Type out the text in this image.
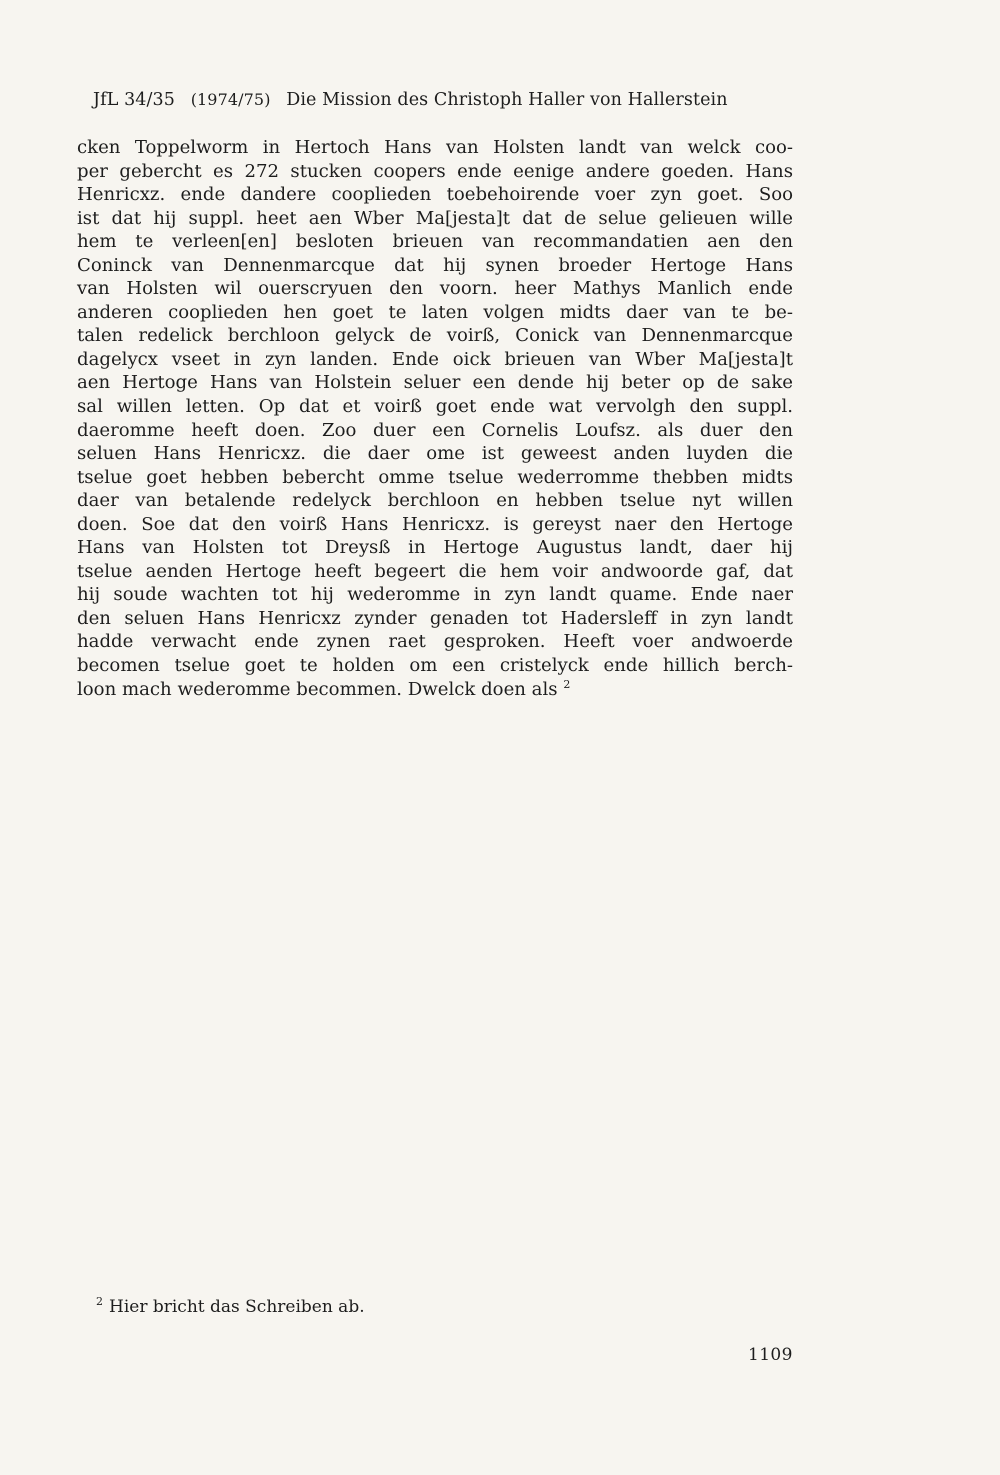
JfL 34/35 (1974/75) Die Mission des Christoph Haller von Hallerstein
cken Toppelworm in Hertoch Hans van Holsten landt van welck coo-
per gebercht es 272 stucken coopers ende eenige andere goeden. Hans
Henricxz. ende dandere cooplieden toebehoirende voer zyn goet. Soo
ist dat hij suppl. heet aen Wber Ma[jesta]t dat de selue gelieuen wille
hem te verleen[en] besloten brieuen van recommandatien aen den
Coninck van Dennenmarcque dat hij synen broeder Hertoge Hans
van Holsten wil ouerscryuen den voorn. heer Mathys Manlich ende
anderen cooplieden hen goet te laten volgen midts daer van te be-
talen redelick berchloon gelyck de voirß, Conick van Dennenmarcque
dagelycx vseet in zyn landen. Ende oick brieuen van Wber Ma[jesta]t
aen Hertoge Hans van Holstein seluer een dende hij beter op de sake
sal willen letten. Op dat et voirß goet ende wat vervolgh den suppl.
daeromme heeft doen. Zoo duer een Cornelis Loufsz. als duer den
seluen Hans Henricxz. die daer ome ist geweest anden luyden die
tselue goet hebben bebercht omme tselue wederromme thebben midts
daer van betalende redelyck berchloon en hebben tselue nyt willen
doen. Soe dat den voirß Hans Henricxz. is gereyst naer den Hertoge
Hans van Holsten tot Dreysß in Hertoge Augustus landt, daer hij
tselue aenden Hertoge heeft begeert die hem voir andwoorde gaf, dat
hij soude wachten tot hij wederomme in zyn landt quame. Ende naer
den seluen Hans Henricxz zynder genaden tot Hadersleff in zyn landt
hadde verwacht ende zynen raet gesproken. Heeft voer andwoerde
becomen tselue goet te holden om een cristelyck ende hillich berch-
loon mach wederomme becommen. Dwelck doen als $^2$
$^2$ Hier bricht das Schreiben ab.
1109
